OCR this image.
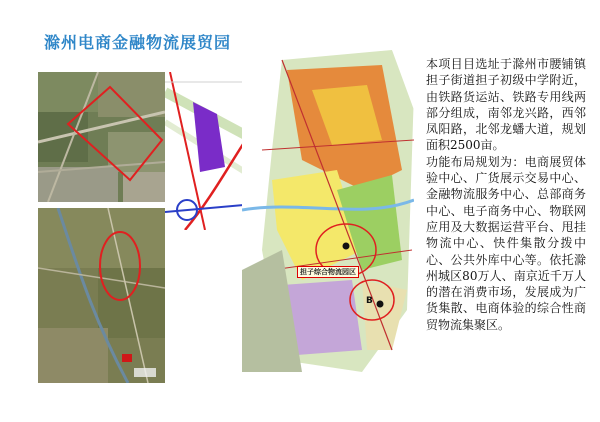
滁州电商金融物流展贸园
担子综合物流园区
B

本项目目选址于滁州市腰铺镇担子街道担子初级中学附近，由铁路货运站、铁路专用线两部分组成，南邻龙兴路，西邻凤阳路，北邻龙蟠大道，规划面积2500亩。

功能布局规划为：电商展贸体验中心、广货展示交易中心、金融物流服务中心、总部商务中心、电子商务中心、物联网应用及大数据运营平台、甩挂物流中心、快件集散分拨中心、公共外库中心等。依托滁州城区80万人、南京近千万人的潜在消费市场，发展成为广货集散、电商体验的综合性商贸物流集聚区。
